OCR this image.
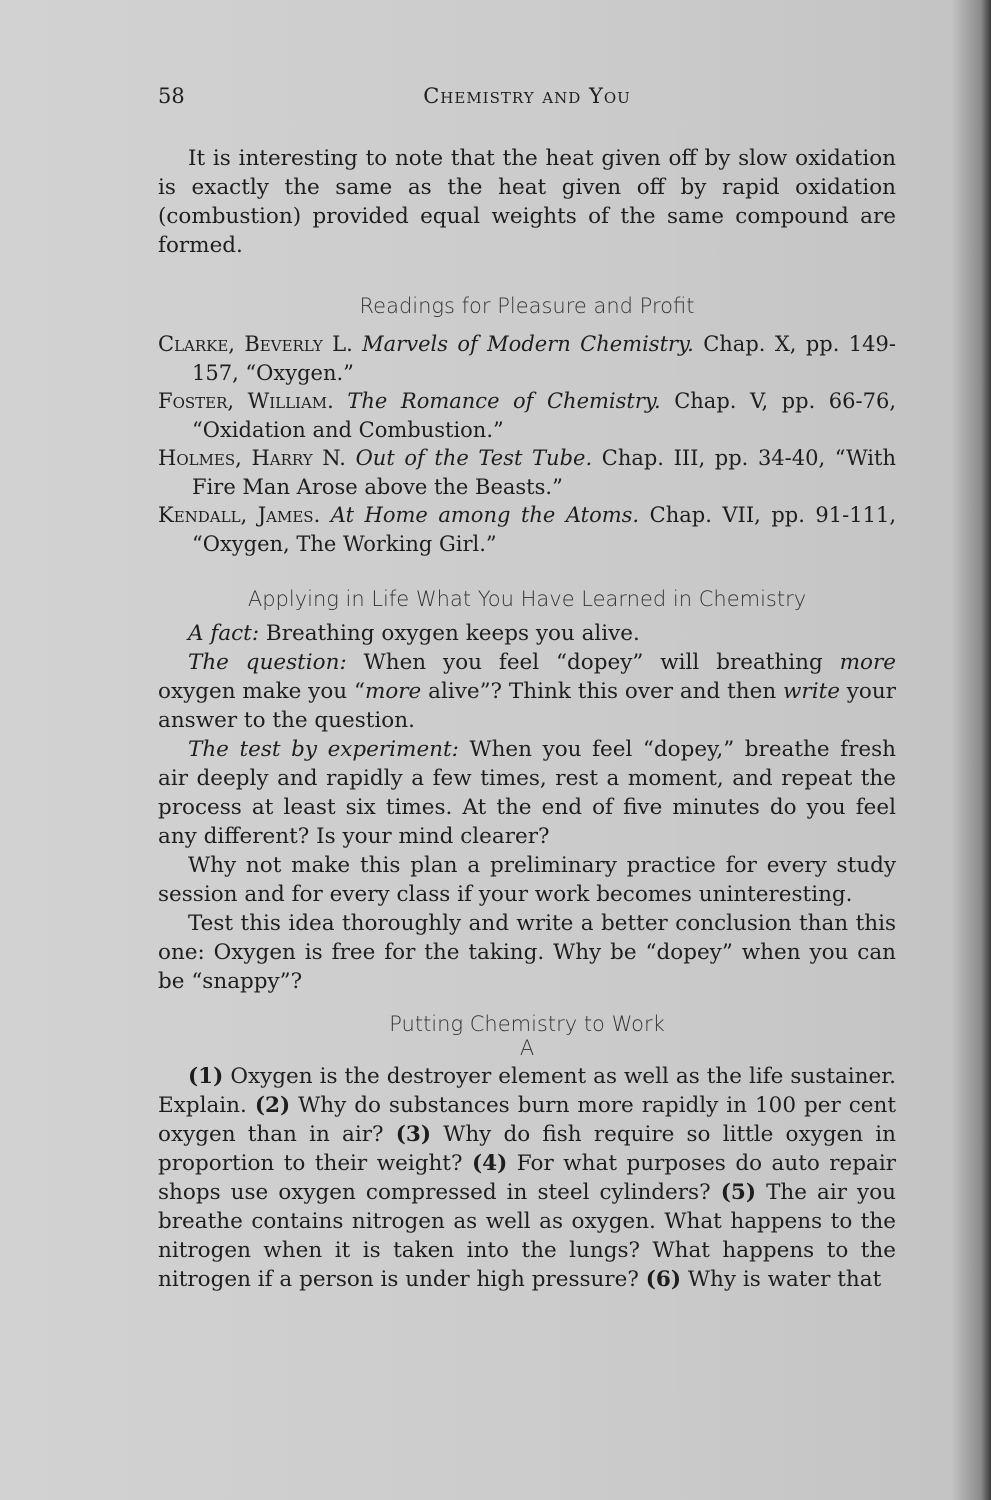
58	Chemistry and You

It is interesting to note that the heat given off by slow oxidation is exactly the same as the heat given off by rapid oxidation (combustion) provided equal weights of the same compound are formed.

Readings for Pleasure and Profit
Clarke, Beverly L. Marvels of Modern Chemistry. Chap. X, pp. 149-157, “Oxygen.”
Foster, William. The Romance of Chemistry. Chap. V, pp. 66-76, “Oxidation and Combustion.”
Holmes, Harry N. Out of the Test Tube. Chap. III, pp. 34-40, “With Fire Man Arose above the Beasts.”
Kendall, James. At Home among the Atoms. Chap. VII, pp. 91-111, “Oxygen, The Working Girl.”
Applying in Life What You Have Learned in Chemistry

A fact: Breathing oxygen keeps you alive.

The question: When you feel “dopey” will breathing more oxygen make you “more alive”? Think this over and then write your answer to the question.

The test by experiment: When you feel “dopey,” breathe fresh air deeply and rapidly a few times, rest a moment, and repeat the process at least six times. At the end of five minutes do you feel any different? Is your mind clearer?

Why not make this plan a preliminary practice for every study session and for every class if your work becomes uninteresting.

Test this idea thoroughly and write a better conclusion than this one: Oxygen is free for the taking. Why be “dopey” when you can be “snappy”?

Putting Chemistry to Work
A

(1) Oxygen is the destroyer element as well as the life sustainer. Explain. (2) Why do substances burn more rapidly in 100 per cent oxygen than in air? (3) Why do fish require so little oxygen in proportion to their weight? (4) For what purposes do auto repair shops use oxygen compressed in steel cylinders? (5) The air you breathe contains nitrogen as well as oxygen. What happens to the nitrogen when it is taken into the lungs? What happens to the nitrogen if a person is under high pressure? (6) Why is water that
